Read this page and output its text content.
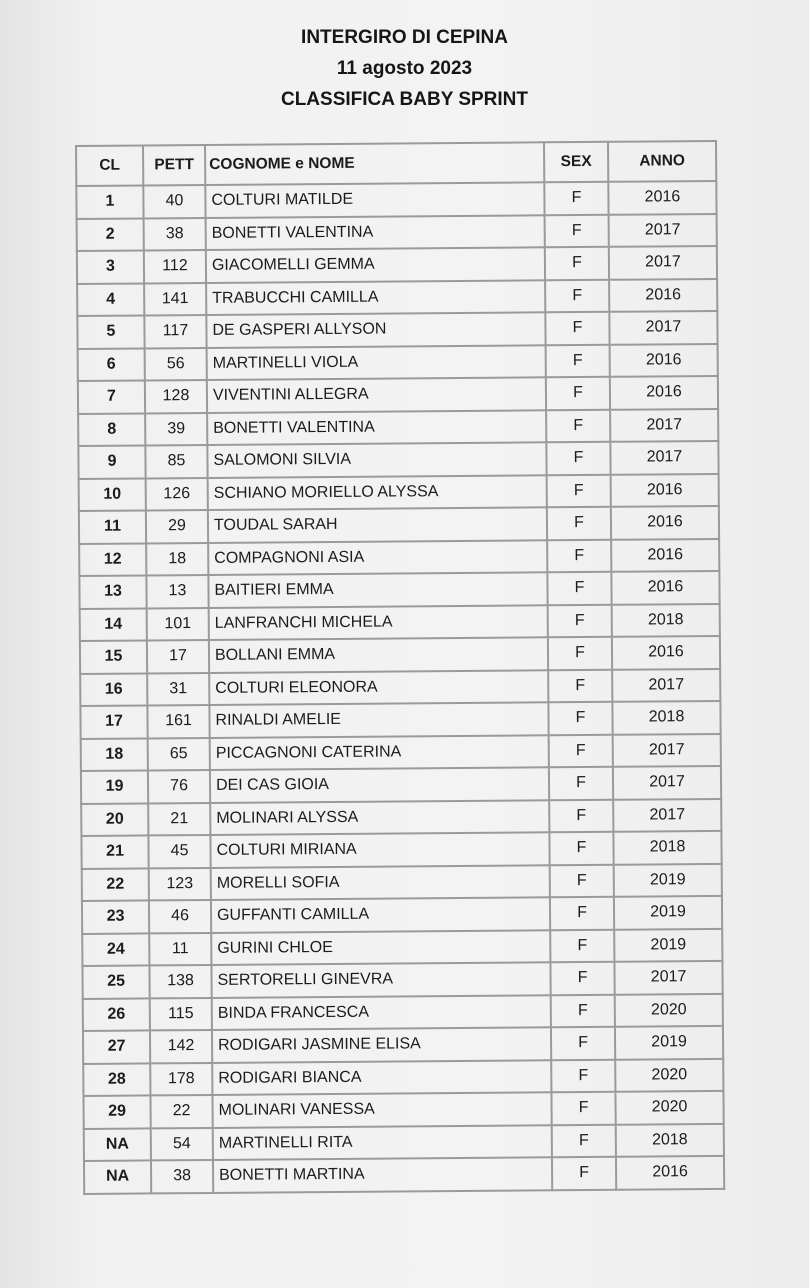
INTERGIRO DI CEPINA
11 agosto 2023
CLASSIFICA BABY SPRINT
CL	PETT	COGNOME e NOME	SEX	ANNO
1	40	COLTURI MATILDE	F	2016
2	38	BONETTI VALENTINA	F	2017
3	112	GIACOMELLI GEMMA	F	2017
4	141	TRABUCCHI CAMILLA	F	2016
5	117	DE GASPERI ALLYSON	F	2017
6	56	MARTINELLI VIOLA	F	2016
7	128	VIVENTINI ALLEGRA	F	2016
8	39	BONETTI VALENTINA	F	2017
9	85	SALOMONI SILVIA	F	2017
10	126	SCHIANO MORIELLO ALYSSA	F	2016
11	29	TOUDAL SARAH	F	2016
12	18	COMPAGNONI ASIA	F	2016
13	13	BAITIERI EMMA	F	2016
14	101	LANFRANCHI MICHELA	F	2018
15	17	BOLLANI EMMA	F	2016
16	31	COLTURI ELEONORA	F	2017
17	161	RINALDI AMELIE	F	2018
18	65	PICCAGNONI CATERINA	F	2017
19	76	DEI CAS GIOIA	F	2017
20	21	MOLINARI ALYSSA	F	2017
21	45	COLTURI MIRIANA	F	2018
22	123	MORELLI SOFIA	F	2019
23	46	GUFFANTI CAMILLA	F	2019
24	11	GURINI CHLOE	F	2019
25	138	SERTORELLI GINEVRA	F	2017
26	115	BINDA FRANCESCA	F	2020
27	142	RODIGARI JASMINE ELISA	F	2019
28	178	RODIGARI BIANCA	F	2020
29	22	MOLINARI VANESSA	F	2020
NA	54	MARTINELLI RITA	F	2018
NA	38	BONETTI MARTINA	F	2016
